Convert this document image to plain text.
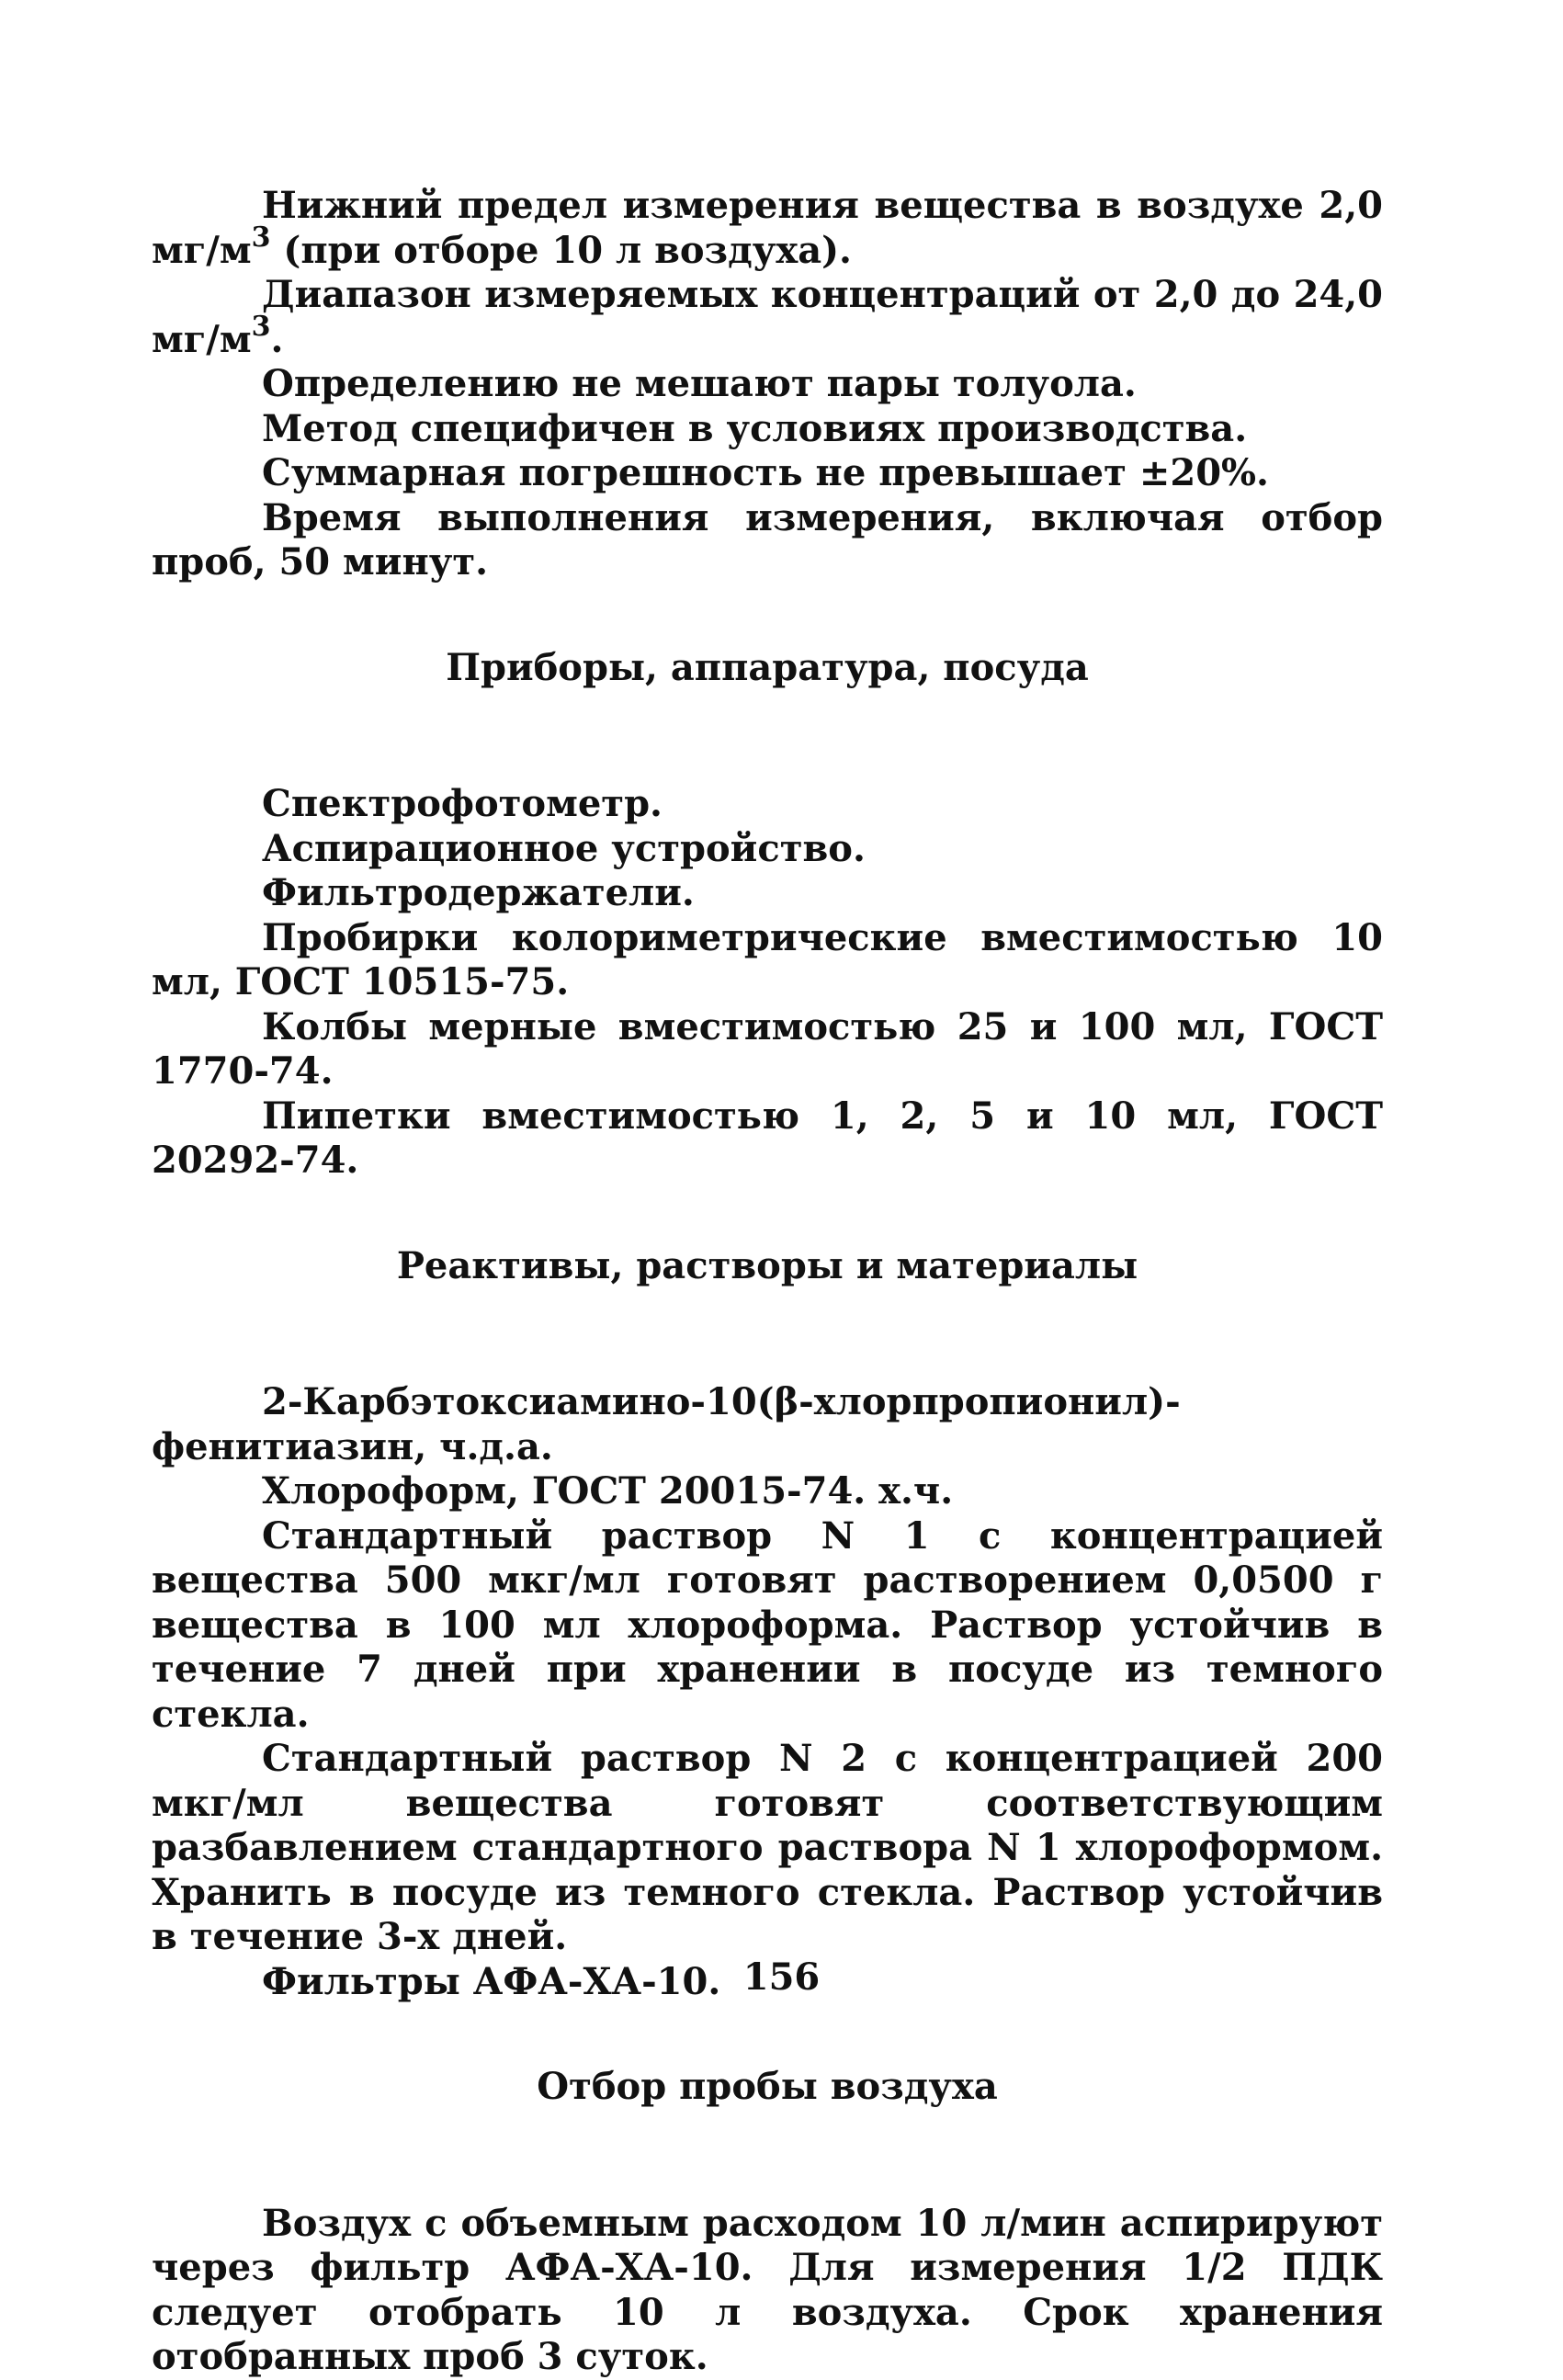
Нижний предел измерения вещества в воздухе 2,0 $мг/м^3$ (при отборе 10 л воздуха).

Диапазон измеряемых концентраций от 2,0 до 24,0 $мг/м^3$.

Определению не мешают пары толуола.

Метод специфичен в условиях производства.

Суммарная погрешность не превышает ±20%.

Время выполнения измерения, включая отбор проб, 50 минут.

Приборы, аппаратура, посуда

Спектрофотометр.

Аспирационное устройство.

Фильтродержатели.

Пробирки колориметрические вместимостью 10 мл, ГОСТ 10515-75.

Колбы мерные вместимостью 25 и 100 мл, ГОСТ 1770-74.

Пипетки вместимостью 1, 2, 5 и 10 мл, ГОСТ 20292-74.

Реактивы, растворы и материалы

2-Карбэтоксиамино-10(β-хлорпропионил)-фенитиазин, ч.д.а.

Хлороформ, ГОСТ 20015-74. х.ч.

Стандартный раствор N 1 с концентрацией вещества 500 мкг/мл готовят растворением 0,0500 г вещества в 100 мл хлороформа. Раствор устойчив в течение 7 дней при хранении в посуде из темного стекла.

Стандартный раствор N 2 с концентрацией 200 мкг/мл вещества готовят соответствующим разбавлением стандартного раствора N 1 хлороформом. Хранить в посуде из темного стекла. Раствор устойчив в течение 3-х дней.

Фильтры АФА-ХА-10.

Отбор пробы воздуха

Воздух с объемным расходом 10 л/мин аспирируют через фильтр АФА-ХА-10. Для измерения 1/2 ПДК следует отобрать 10 л воздуха. Срок хранения отобранных проб 3 суток.

156
